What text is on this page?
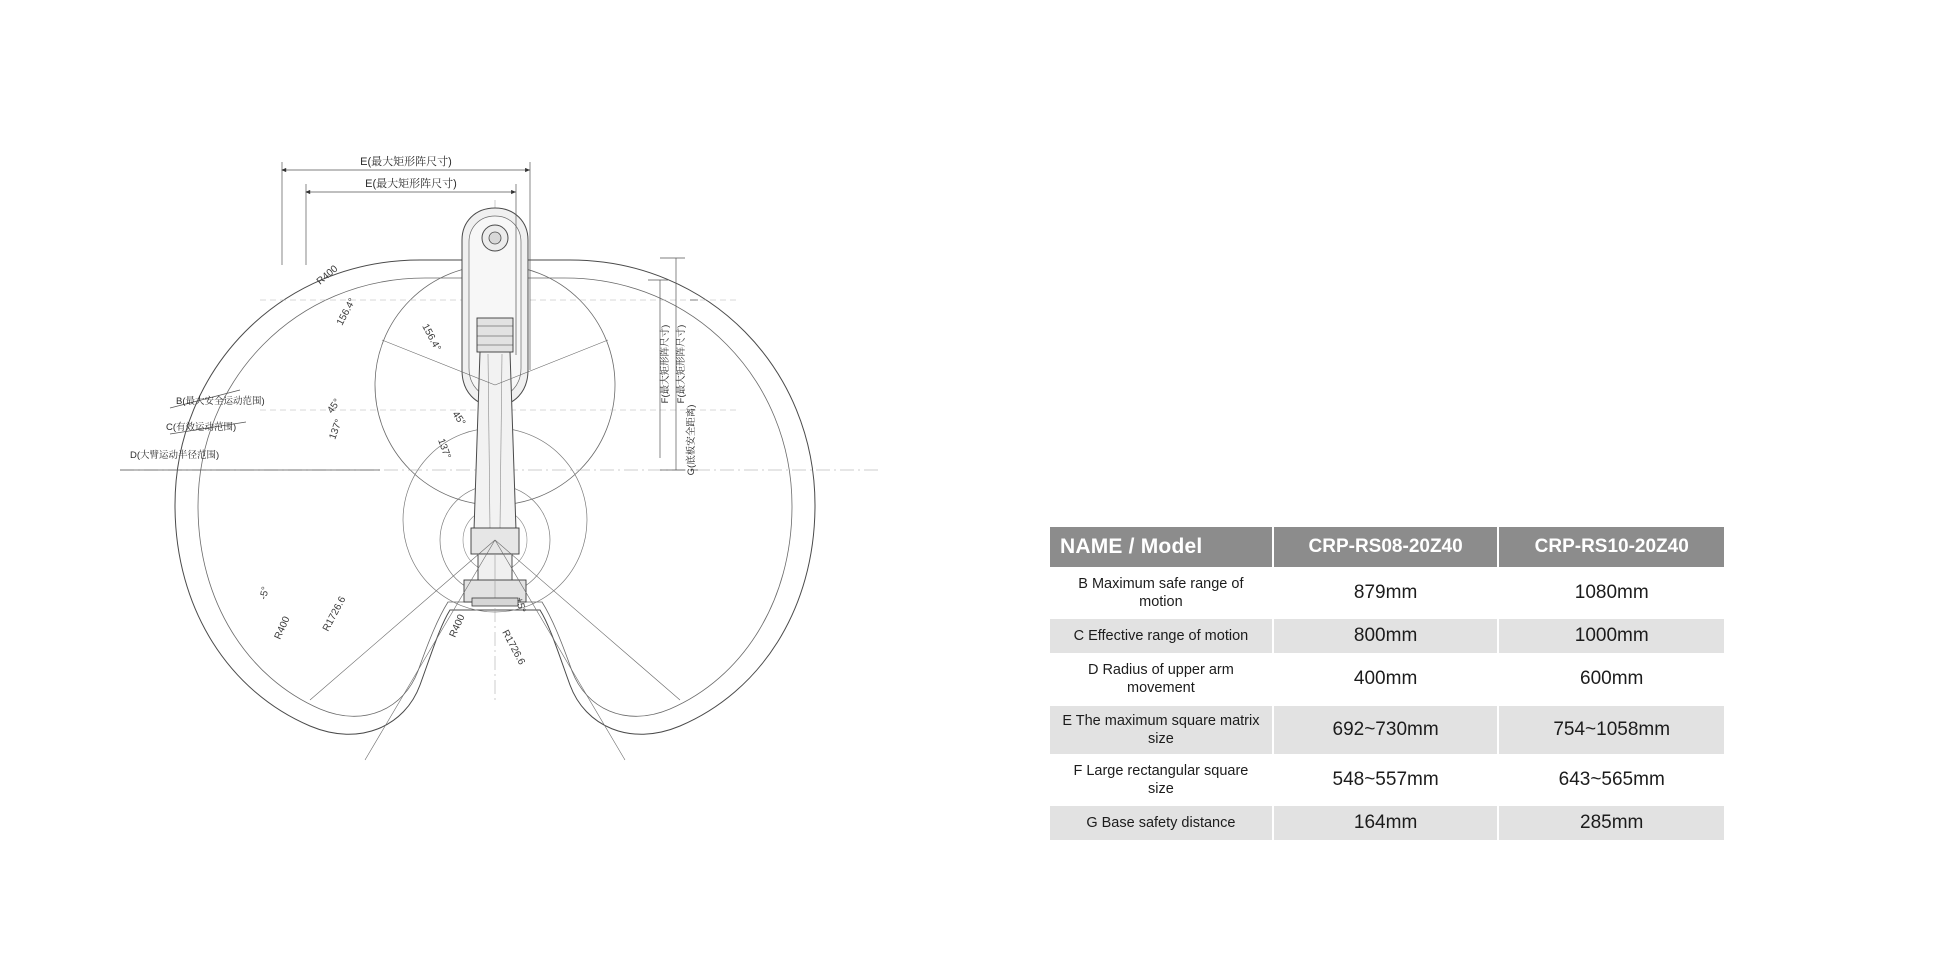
E(最大矩形阵尺寸)
E(最大矩形阵尺寸)
F(最大矩形阵尺寸) F(最大矩形阵尺寸)
G(底板安全距离)
B(最大安全运动范围)
C(有效运动范围)
D(大臂运动半径范围)
R400
R400	R400
R1726.6
R1726.6
156.4°
156.4°
137°
137°
45°
45°
-5°
+5°
NAME / Model	CRP-RS08-20Z40	CRP-RS10-20Z40
B Maximum safe range of motion	879mm	1080mm
C Effective range of motion	800mm	1000mm
D Radius of upper arm movement	400mm	600mm
E The maximum square matrix size	692~730mm	754~1058mm
F Large rectangular square size	548~557mm	643~565mm
G Base safety distance	164mm	285mm
